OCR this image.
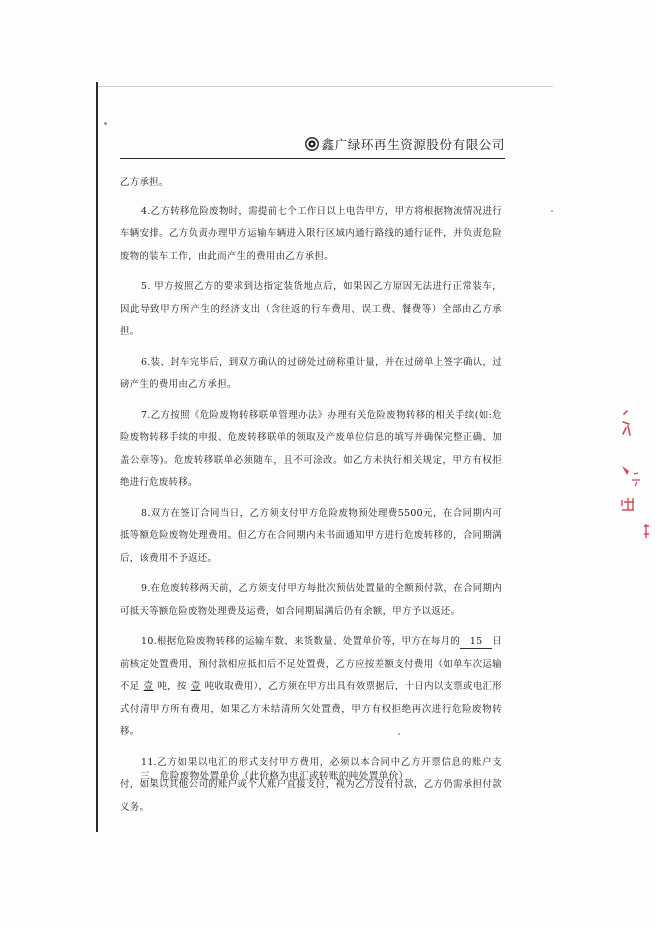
鑫广绿环再生资源股份有限公司

乙方承担。

4.乙方转移危险废物时，需提前七个工作日以上电告甲方，甲方将根据物流情况进行车辆安排。乙方负责办理甲方运输车辆进入限行区域内通行路线的通行证件，并负责危险废物的装车工作，由此而产生的费用由乙方承担。

5. 甲方按照乙方的要求到达指定装货地点后，如果因乙方原因无法进行正常装车，因此导致甲方所产生的经济支出（含往返的行车费用、误工费、餐费等）全部由乙方承担。

6.装、封车完毕后，到双方确认的过磅处过磅称重计量，并在过磅单上签字确认，过磅产生的费用由乙方承担。

7.乙方按照《危险废物转移联单管理办法》办理有关危险废物转移的相关手续(如:危险废物转移手续的申报、危废转移联单的领取及产废单位信息的填写并确保完整正确、加盖公章等)。危废转移联单必须随车，且不可涂改。如乙方未执行相关规定，甲方有权拒绝进行危废转移。

8.双方在签订合同当日，乙方须支付甲方危险废物预处理费5500元，在合同期内可抵等额危险废物处理费用。但乙方在合同期内未书面通知甲方进行危废转移的，合同期满后，该费用不予返还。

9.在危废转移两天前，乙方须支付甲方每批次预估处置量的全额预付款，在合同期内可抵天等额危险废物处理费及运费，如合同期届满后仍有余额，甲方予以返还。

10.根据危险废物转移的运输车数、来货数量、处置单价等，甲方在每月的 15 日前核定处置费用，预付款相应抵扣后不足处置费，乙方应按差额支付费用（如单车次运输不足 壹 吨，按 壹 吨收取费用），乙方须在甲方出具有效票据后，十日内以支票或电汇形式付清甲方所有费用，如果乙方未结清所欠处置费，甲方有权拒绝再次进行危险废物转移。

11.乙方如果以电汇的形式支付甲方费用，必须以本合同中乙方开票信息的账户支付，如果以其他公司的账户或个人账户直接支付，视为乙方没有付款，乙方仍需承担付款义务。

三、危险废物处置单价（此价格为电汇或转账的吨处置单价）
